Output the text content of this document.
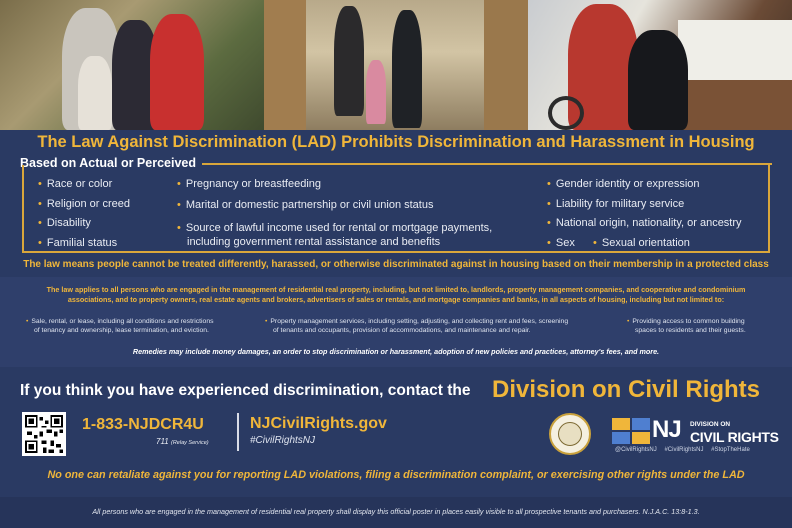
The Law Against Discrimination (LAD) Prohibits Discrimination and Harassment in Housing
Based on Actual or Perceived
• Race or color
• Religion or creed
• Disability
• Familial status
• Pregnancy or breastfeeding
• Marital or domestic partnership or civil union status
• Source of lawful income used for rental or mortgage payments,
including government rental assistance and benefits
• Gender identity or expression
• Liability for military service
• National origin, nationality, or ancestry
• Sex
•	Sexual orientation
The law means people cannot be treated differently, harassed, or otherwise discriminated against in housing based on their membership in a protected class
The law applies to all persons who are engaged in the management of residential real property, including, but not limited to, landlords, property management companies, and cooperative and condominium
associations, and to property owners, real estate agents and brokers, advertisers of sales or rentals, and mortgage companies and banks, in all aspects of housing, including but not limited to:
• Sale, rental, or lease, including all conditions and restrictions
of tenancy and ownership, lease termination, and eviction.
• Property management services, including setting, adjusting, and collecting rent and fees, screening
of tenants and occupants, provision of accommodations, and maintenance and repair.
• Providing access to common building
spaces to residents and their guests.
Remedies may include money damages, an order to stop discrimination or harassment, adoption of new policies and practices, attorney's fees, and more.
If you think you have experienced discrimination, contact the Division on Civil Rights
1-833-NJDCR4U
711 (Relay Service)
NJCivilRights.gov
#CivilRightsNJ	NJ DIVISION ON
CIVIL RIGHTS
@CivilRightsNJ #CivilRightsNJ #StopTheHate
No one can retaliate against you for reporting LAD violations, filing a discrimination complaint, or exercising other rights under the LAD
All persons who are engaged in the management of residential real property shall display this official poster in places easily visible to all prospective tenants and purchasers. N.J.A.C. 13:8-1.3.
